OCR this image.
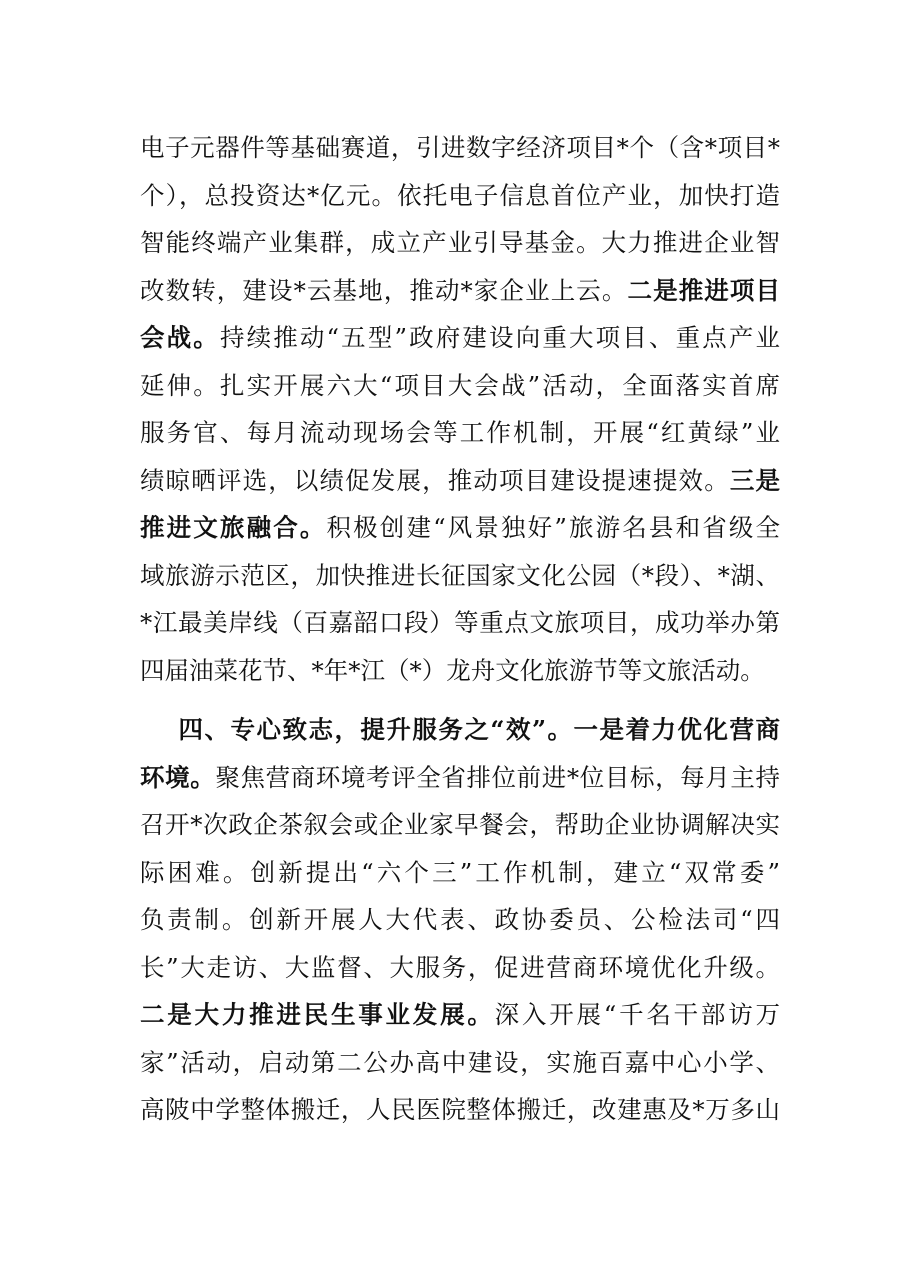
电子元器件等基础赛道，引进数字经济项目*个（含*项目*
个），总投资达*亿元。依托电子信息首位产业，加快打造
智能终端产业集群，成立产业引导基金。大力推进企业智
改数转，建设*云基地，推动*家企业上云。二是推进项目
会战。持续推动“五型”政府建设向重大项目、重点产业
延伸。扎实开展六大“项目大会战”活动，全面落实首席
服务官、每月流动现场会等工作机制，开展“红黄绿”业
绩晾晒评选，以绩促发展，推动项目建设提速提效。三是
推进文旅融合。积极创建“风景独好”旅游名县和省级全
域旅游示范区，加快推进长征国家文化公园（*段）、*湖、
*江最美岸线（百嘉韶口段）等重点文旅项目，成功举办第
四届油菜花节、*年*江（*）龙舟文化旅游节等文旅活动。
四、专心致志，提升服务之“效”。一是着力优化营商
环境。聚焦营商环境考评全省排位前进*位目标，每月主持
召开*次政企茶叙会或企业家早餐会，帮助企业协调解决实
际困难。创新提出“六个三”工作机制，建立“双常委”
负责制。创新开展人大代表、政协委员、公检法司“四
长”大走访、大监督、大服务，促进营商环境优化升级。
二是大力推进民生事业发展。深入开展“千名干部访万
家”活动，启动第二公办高中建设，实施百嘉中心小学、
高陂中学整体搬迁，人民医院整体搬迁，改建惠及*万多山
